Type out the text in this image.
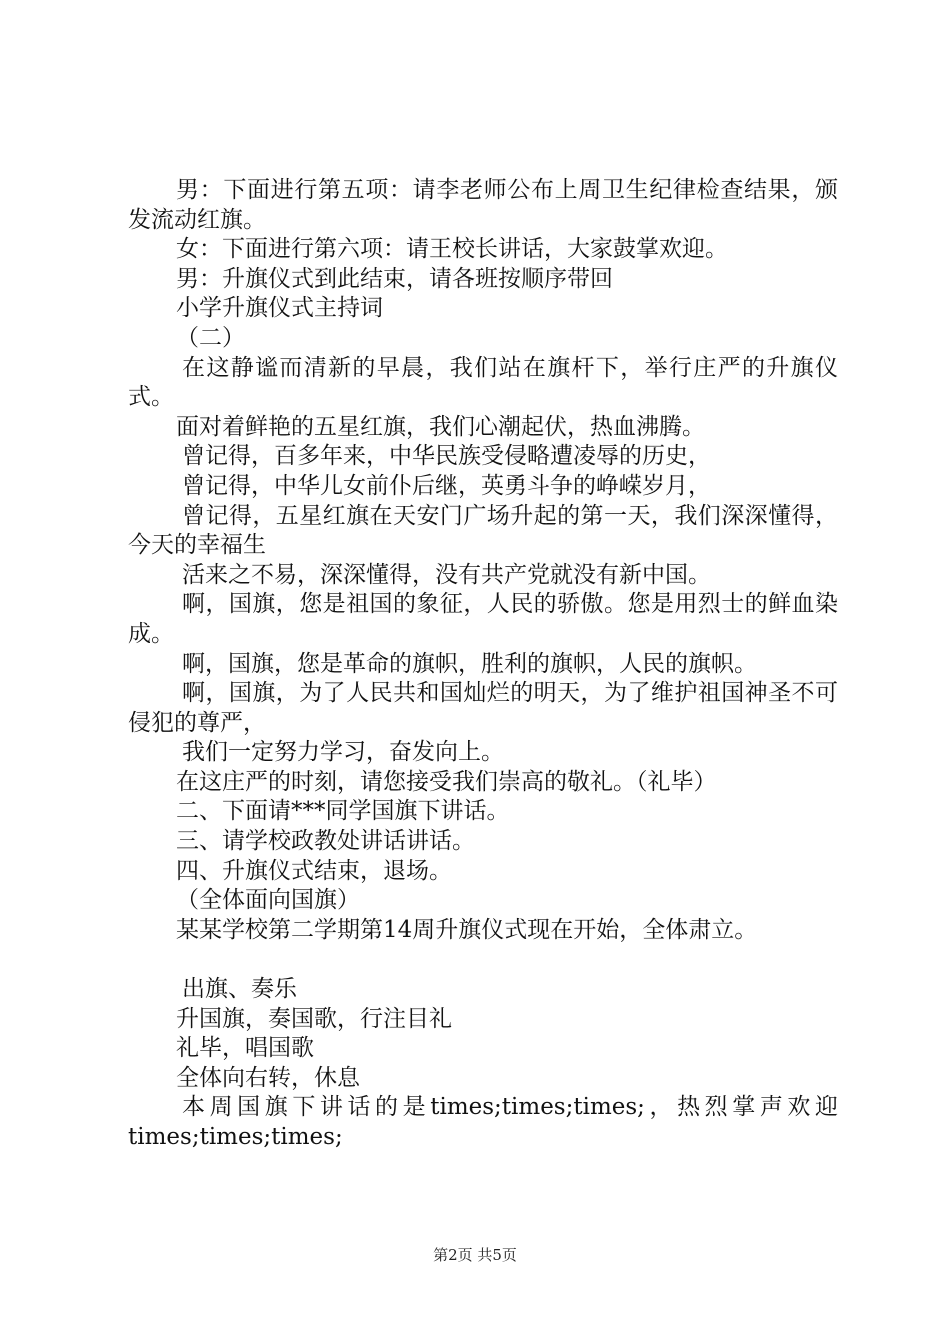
男：下面进行第五项：请李老师公布上周卫生纪律检查结果，颁发流动红旗。

女：下面进行第六项：请王校长讲话，大家鼓掌欢迎。

男：升旗仪式到此结束，请各班按顺序带回

小学升旗仪式主持词

（二）

在这静谧而清新的早晨，我们站在旗杆下，举行庄严的升旗仪式。

面对着鲜艳的五星红旗，我们心潮起伏，热血沸腾。

曾记得，百多年来，中华民族受侵略遭凌辱的历史，

曾记得，中华儿女前仆后继，英勇斗争的峥嵘岁月，

曾记得，五星红旗在天安门广场升起的第一天，我们深深懂得，今天的幸福生

活来之不易，深深懂得，没有共产党就没有新中国。

啊，国旗，您是祖国的象征，人民的骄傲。您是用烈士的鲜血染成。

啊，国旗，您是革命的旗帜，胜利的旗帜，人民的旗帜。

啊，国旗，为了人民共和国灿烂的明天，为了维护祖国神圣不可侵犯的尊严，

我们一定努力学习，奋发向上。

在这庄严的时刻，请您接受我们崇高的敬礼。（礼毕）

二、下面请***同学国旗下讲话。

三、请学校政教处讲话讲话。

四、升旗仪式结束，退场。

（全体面向国旗）

某某学校第二学期第14周升旗仪式现在开始，全体肃立。

出旗、奏乐

升国旗，奏国歌，行注目礼

礼毕，唱国歌

全体向右转，休息

本周国旗下讲话的是times;times;times;，热烈掌声欢迎times;times;times;

第2页 共5页
